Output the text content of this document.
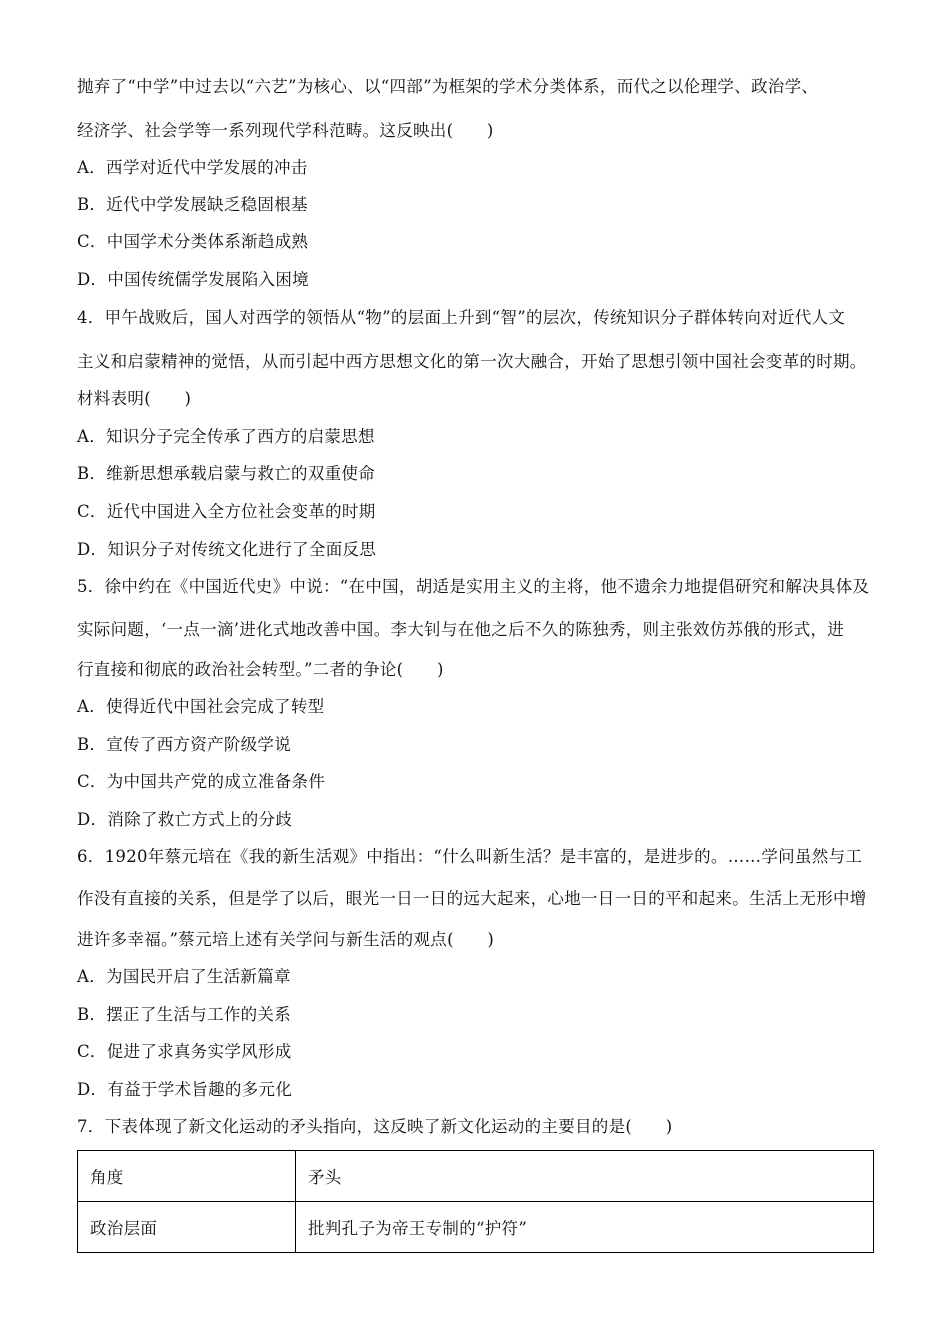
抛弃了“中学”中过去以“六艺”为核心、以“四部”为框架的学术分类体系，而代之以伦理学、政治学、
经济学、社会学等一系列现代学科范畴。这反映出(　　)
A．西学对近代中学发展的冲击
B．近代中学发展缺乏稳固根基
C．中国学术分类体系渐趋成熟
D．中国传统儒学发展陷入困境
4．甲午战败后，国人对西学的领悟从“物”的层面上升到“智”的层次，传统知识分子群体转向对近代人文
主义和启蒙精神的觉悟，从而引起中西方思想文化的第一次大融合，开始了思想引领中国社会变革的时期。
材料表明(　　)
A．知识分子完全传承了西方的启蒙思想
B．维新思想承载启蒙与救亡的双重使命
C．近代中国进入全方位社会变革的时期
D．知识分子对传统文化进行了全面反思
5．徐中约在《中国近代史》中说：“在中国，胡适是实用主义的主将，他不遗余力地提倡研究和解决具体及
实际问题，‘一点一滴’进化式地改善中国。李大钊与在他之后不久的陈独秀，则主张效仿苏俄的形式，进
行直接和彻底的政治社会转型。”二者的争论(　　)
A．使得近代中国社会完成了转型
B．宣传了西方资产阶级学说
C．为中国共产党的成立准备条件
D．消除了救亡方式上的分歧
6．1920年蔡元培在《我的新生活观》中指出：“什么叫新生活？是丰富的，是进步的。……学问虽然与工
作没有直接的关系，但是学了以后，眼光一日一日的远大起来，心地一日一日的平和起来。生活上无形中增
进许多幸福。”蔡元培上述有关学问与新生活的观点(　　)
A．为国民开启了生活新篇章
B．摆正了生活与工作的关系
C．促进了求真务实学风形成
D．有益于学术旨趣的多元化
7．下表体现了新文化运动的矛头指向，这反映了新文化运动的主要目的是(　　)
角度	矛头
政治层面	批判孔子为帝王专制的“护符”
